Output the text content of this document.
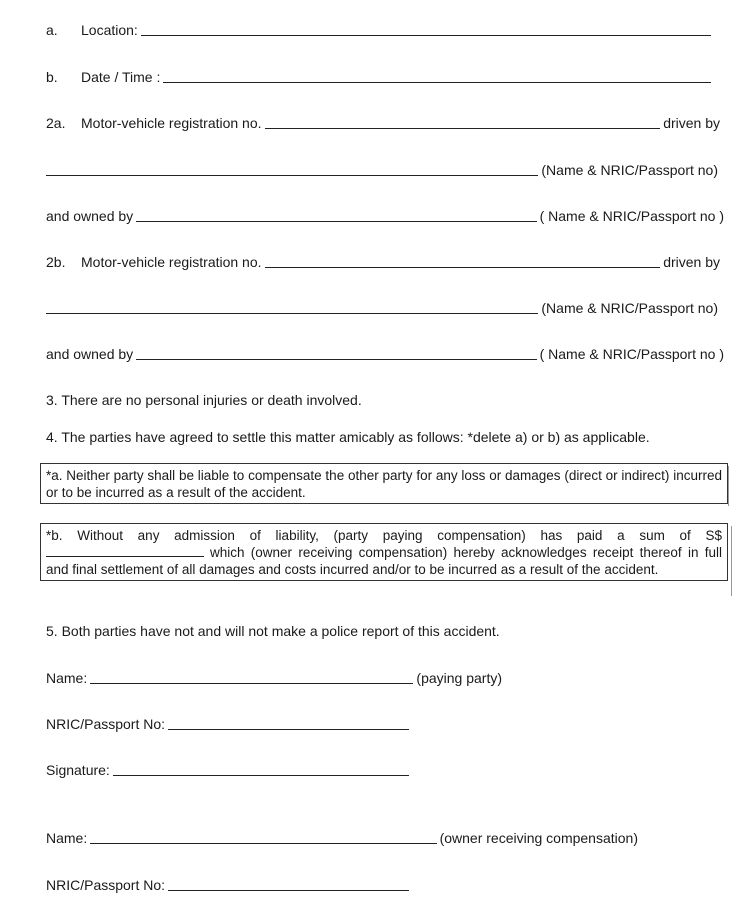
a.	Location:
b.	Date / Time :
2a.	Motor-vehicle registration no.	driven by
(Name & NRIC/Passport no)
and owned by	( Name & NRIC/Passport no )
2b.	Motor-vehicle registration no.	driven by
(Name & NRIC/Passport no)
and owned by	( Name & NRIC/Passport no )
3. There are no personal injuries or death involved.
4. The parties have agreed to settle this matter amicably as follows: *delete a) or b) as applicable.
*a. Neither party shall be liable to compensate the other party for any loss or damages (direct or indirect) incurred or to be incurred as a result of the accident.
*b. Without any admission of liability, (party paying compensation) has paid a sum of S$ which (owner receiving compensation) hereby acknowledges receipt thereof in full and final settlement of all damages and costs incurred and/or to be incurred as a result of the accident.
5. Both parties have not and will not make a police report of this accident.
Name:	(paying party)
NRIC/Passport No:
Signature:
Name:	(owner receiving compensation)
NRIC/Passport No:
